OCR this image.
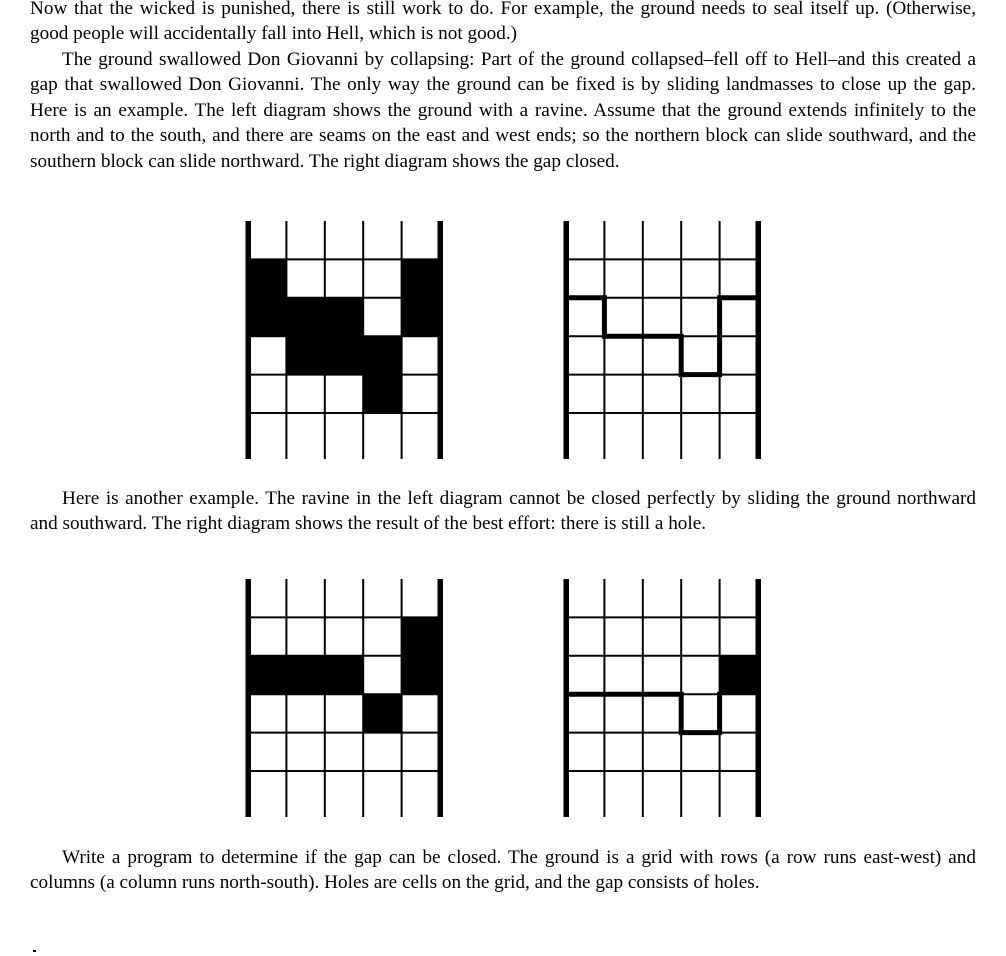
Now that the wicked is punished, there is still work to do. For example, the ground needs to seal itself up. (Otherwise, good people will accidentally fall into Hell, which is not good.)

The ground swallowed Don Giovanni by collapsing: Part of the ground collapsed–fell off to Hell–and this created a gap that swallowed Don Giovanni. The only way the ground can be fixed is by sliding landmasses to close up the gap. Here is an example. The left diagram shows the ground with a ravine. Assume that the ground extends infinitely to the north and to the south, and there are seams on the east and west ends; so the northern block can slide southward, and the southern block can slide northward. The right diagram shows the gap closed.

Here is another example. The ravine in the left diagram cannot be closed perfectly by sliding the ground northward and southward. The right diagram shows the result of the best effort: there is still a hole.

Write a program to determine if the gap can be closed. The ground is a grid with rows (a row runs east-west) and columns (a column runs north-south). Holes are cells on the grid, and the gap consists of holes.
